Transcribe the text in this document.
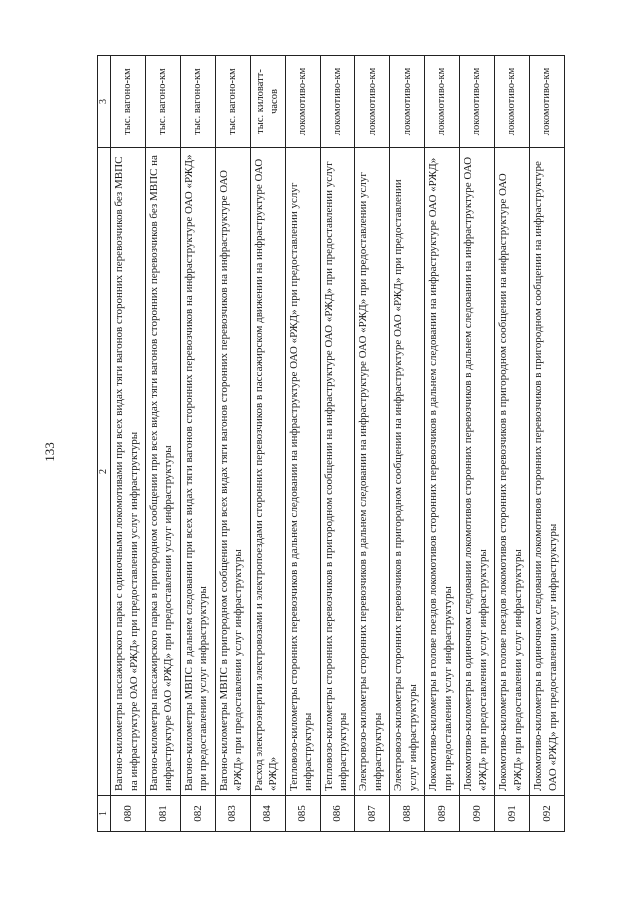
133
1	2	3
080	Вагоно-километры пассажирского парка с одиночными локомотивами при всех видах тяги вагонов сторонних перевозчиков без МВПС на инфраструктуре ОАО «РЖД» при предоставлении услуг инфраструктуры	тыс. вагоно-км
081	Вагоно-километры пассажирского парка в пригородном сообщении при всех видах тяги вагонов сторонних перевозчиков без МВПС на инфраструктуре ОАО «РЖД» при предоставлении услуг инфраструктуры	тыс. вагоно-км
082	Вагоно-километры МВПС в дальнем следовании при всех видах тяги вагонов сторонних перевозчиков на инфраструктуре ОАО «РЖД» при предоставлении услуг инфраструктуры	тыс. вагоно-км
083	Вагоно-километры МВПС в пригородном сообщении при всех видах тяги вагонов сторонних перевозчиков на инфраструктуре ОАО «РЖД» при предоставлении услуг инфраструктуры	тыс. вагоно-км
084	Расход электроэнергии электровозами и электропоездами сторонних перевозчиков в пассажирском движении на инфраструктуре ОАО «РЖД»	тыс. киловатт-часов
085	Тепловозо-километры сторонних перевозчиков в дальнем следовании на инфраструктуре ОАО «РЖД» при предоставлении услуг инфраструктуры	локомотиво-км
086	Тепловозо-километры сторонних перевозчиков в пригородном сообщении на инфраструктуре ОАО «РЖД» при предоставлении услуг инфраструктуры	локомотиво-км
087	Электровозо-километры сторонних перевозчиков в дальнем следовании на инфраструктуре ОАО «РЖД» при предоставлении услуг инфраструктуры	локомотиво-км
088	Электровозо-километры сторонних перевозчиков в пригородном сообщении на инфраструктуре ОАО «РЖД» при предоставлении услуг инфраструктуры	локомотиво-км
089	Локомотиво-километры в голове поездов локомотивов сторонних перевозчиков в дальнем следовании на инфраструктуре ОАО «РЖД» при предоставлении услуг инфраструктуры	локомотиво-км
090	Локомотиво-километры в одиночном следовании локомотивов сторонних перевозчиков в дальнем следовании на инфраструктуре ОАО «РЖД» при предоставлении услуг инфраструктуры	локомотиво-км
091	Локомотиво-километры в голове поездов локомотивов сторонних перевозчиков в пригородном сообщении на инфраструктуре ОАО «РЖД» при предоставлении услуг инфраструктуры	локомотиво-км
092	Локомотиво-километры в одиночном следовании локомотивов сторонних перевозчиков в пригородном сообщении на инфраструктуре ОАО «РЖД» при предоставлении услуг инфраструктуры	локомотиво-км
